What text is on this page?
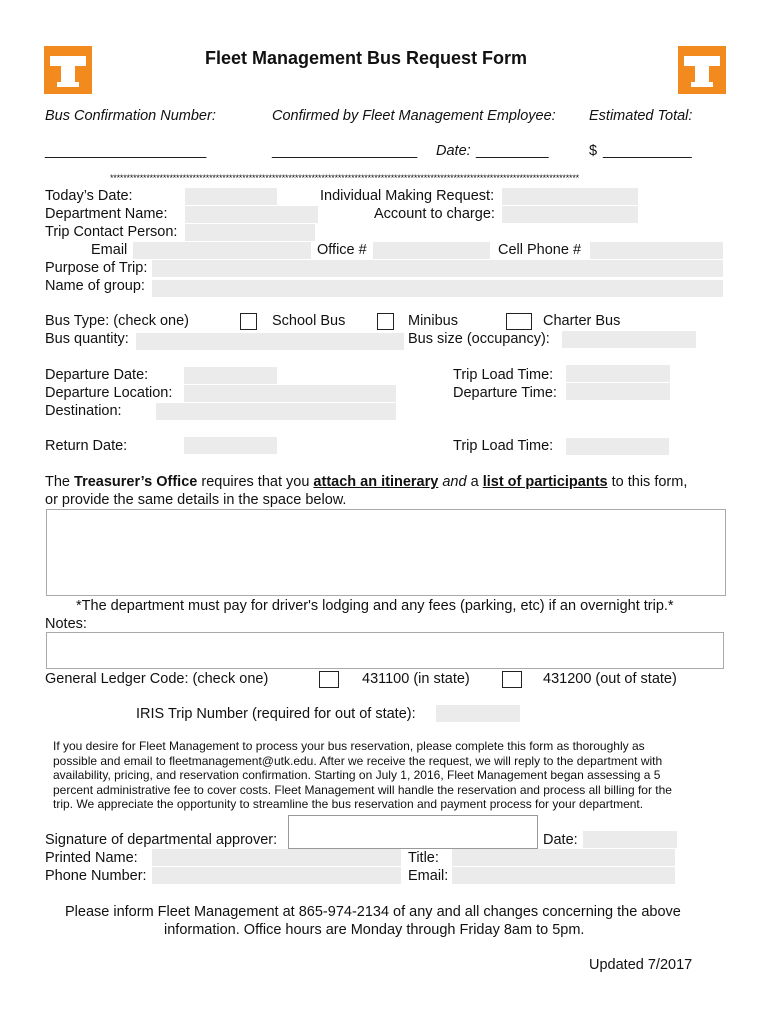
Fleet Management Bus Request Form
Bus Confirmation Number:	Confirmed by Fleet Management Employee: Estimated Total:
____________________	__________________ Date: _________	$ ___________
**********************************************************************************************************************************************
Today’s Date:	Individual Making Request:
Department Name:	Account to charge:
Trip Contact Person:
Email	Office #	Cell Phone #
Purpose of Trip:
Name of group:
Bus Type: (check one)	School Bus	Minibus	Charter Bus
Bus quantity:	Bus size (occupancy):
Departure Date:	Trip Load Time:
Departure Location:	Departure Time:
Destination:
Return Date:	Trip Load Time:
The Treasurer’s Office requires that you attach an itinerary and a list of participants to this form,
or provide the same details in the space below.
*The department must pay for driver's lodging and any fees (parking, etc) if an overnight trip.*
Notes:
General Ledger Code: (check one)	431100 (in state)	431200 (out of state)
IRIS Trip Number (required for out of state):
If you desire for Fleet Management to process your bus reservation, please complete this form as thoroughly as
possible and email to fleetmanagement@utk.edu. After we receive the request, we will reply to the department with
availability, pricing, and reservation confirmation. Starting on July 1, 2016, Fleet Management began assessing a 5
percent administrative fee to cover costs. Fleet Management will handle the reservation and process all billing for the
trip. We appreciate the opportunity to streamline the bus reservation and payment process for your department.
Signature of departmental approver:	Date:
Printed Name:	Title:
Phone Number:	Email:
Please inform Fleet Management at 865-974-2134 of any and all changes concerning the above
information. Office hours are Monday through Friday 8am to 5pm.
Updated 7/2017
